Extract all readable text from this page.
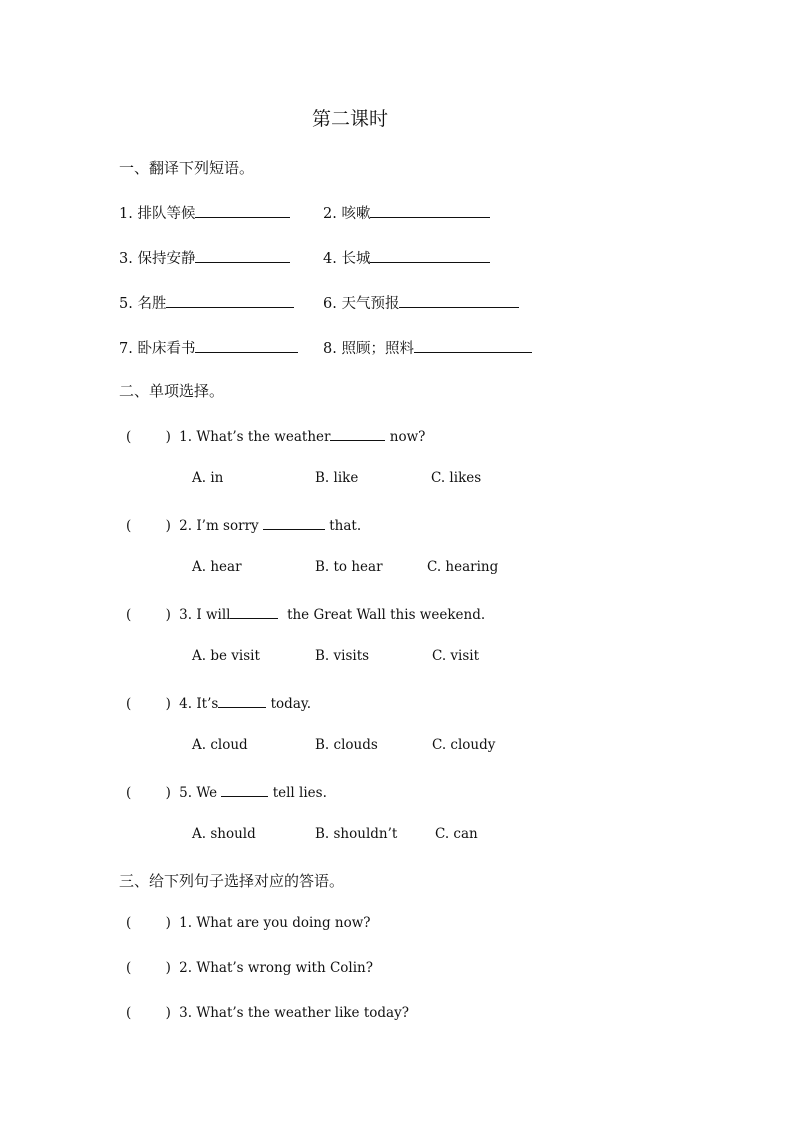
第二课时
一、翻译下列短语。
1. 排队等候	2. 咳嗽
3. 保持安静	4. 长城
5. 名胜	6. 天气预报
7. 卧床看书	8. 照顾；照料
二、单项选择。
(        ) 1. What’s the weather	now?
A. in	B. like	C. likes
(        ) 2. I’m sorry	that.
A. hear	B. to hear	C. hearing
(        ) 3. I will	the Great Wall this weekend.
A. be visit	B. visits	C. visit
(        ) 4. It’s	today.
A. cloud	B. clouds	C. cloudy
(        ) 5. We	tell lies.
A. should	B. shouldn’t	C. can
三、给下列句子选择对应的答语。
(        ) 1. What are you doing now?
(        ) 2. What’s wrong with Colin?
(        ) 3. What’s the weather like today?
